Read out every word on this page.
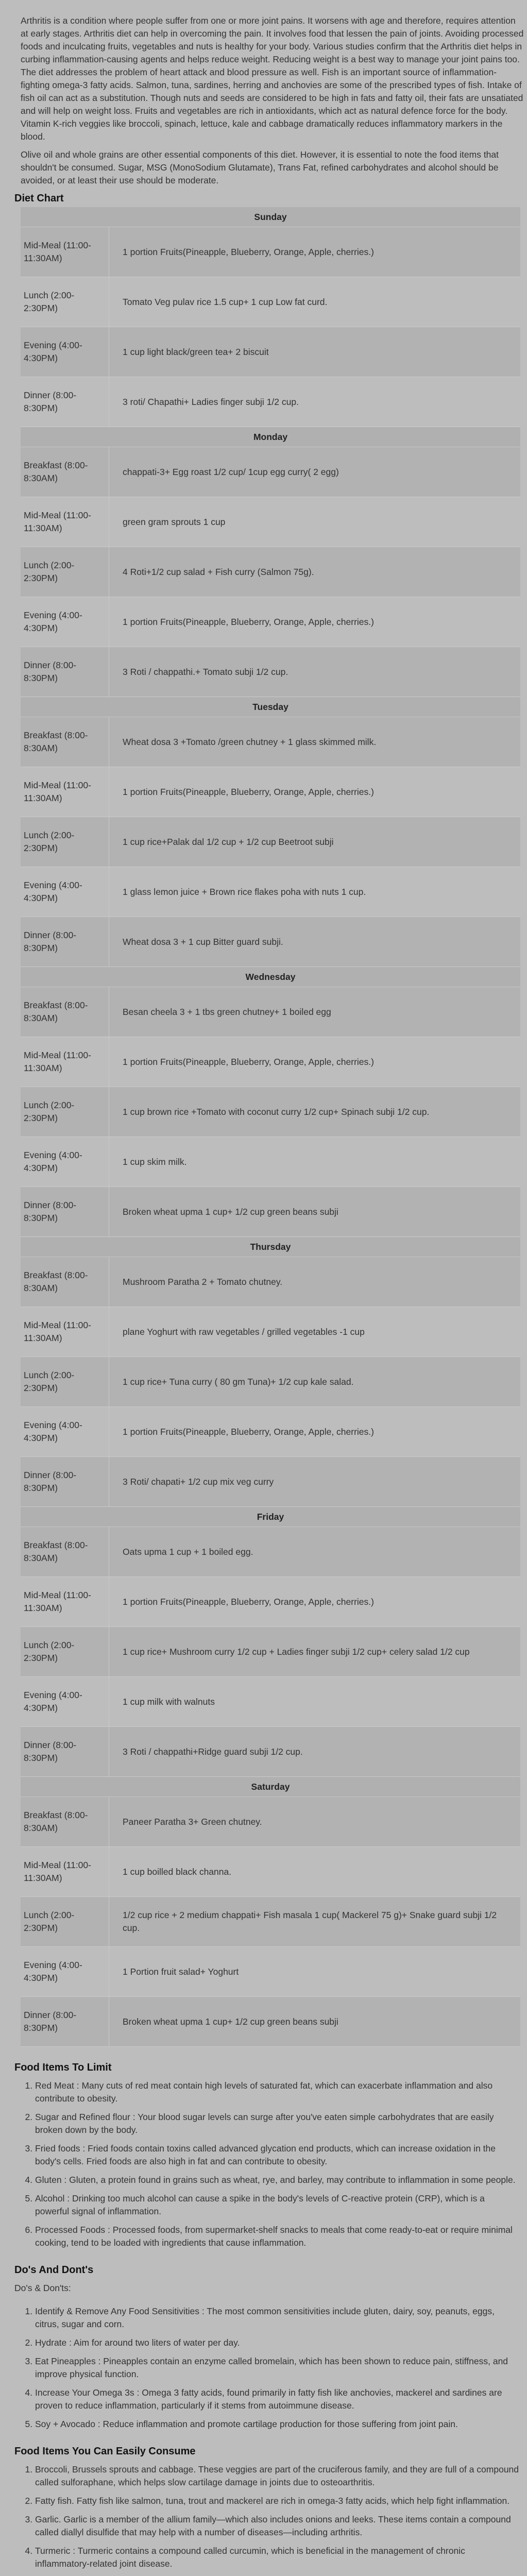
Arthritis is a condition where people suffer from one or more joint pains. It worsens with age and therefore, requires attention at early stages. Arthritis diet can help in overcoming the pain. It involves food that lessen the pain of joints. Avoiding processed foods and inculcating fruits, vegetables and nuts is healthy for your body. Various studies confirm that the Arthritis diet helps in curbing inflammation-causing agents and helps reduce weight. Reducing weight is a best way to manage your joint pains too. The diet addresses the problem of heart attack and blood pressure as well. Fish is an important source of inflammation-fighting omega-3 fatty acids. Salmon, tuna, sardines, herring and anchovies are some of the prescribed types of fish. Intake of fish oil can act as a substitution. Though nuts and seeds are considered to be high in fats and fatty oil, their fats are unsatiated and will help on weight loss. Fruits and vegetables are rich in antioxidants, which act as natural defence force for the body. Vitamin K-rich veggies like broccoli, spinach, lettuce, kale and cabbage dramatically reduces inflammatory markers in the blood.

Olive oil and whole grains are other essential components of this diet. However, it is essential to note the food items that shouldn't be consumed. Sugar, MSG (MonoSodium Glutamate), Trans Fat, refined carbohydrates and alcohol should be avoided, or at least their use should be moderate.

Diet Chart
Sunday
Mid-Meal (11:00-11:30AM)
1 portion Fruits(Pineapple, Blueberry, Orange, Apple, cherries.)
Lunch (2:00-2:30PM)
Tomato Veg pulav rice 1.5 cup+ 1 cup Low fat curd.
Evening (4:00-4:30PM)
1 cup light black/green tea+ 2 biscuit
Dinner (8:00-8:30PM)
3 roti/ Chapathi+ Ladies finger subji 1/2 cup.
Monday
Breakfast (8:00-8:30AM)
chappati-3+ Egg roast 1/2 cup/ 1cup egg curry( 2 egg)
Mid-Meal (11:00-11:30AM)
green gram sprouts 1 cup
Lunch (2:00-2:30PM)
4 Roti+1/2 cup salad + Fish curry (Salmon 75g).
Evening (4:00-4:30PM)
1 portion Fruits(Pineapple, Blueberry, Orange, Apple, cherries.)
Dinner (8:00-8:30PM)
3 Roti / chappathi.+ Tomato subji 1/2 cup.
Tuesday
Breakfast (8:00-8:30AM)
Wheat dosa 3 +Tomato /green chutney + 1 glass skimmed milk.
Mid-Meal (11:00-11:30AM)
1 portion Fruits(Pineapple, Blueberry, Orange, Apple, cherries.)
Lunch (2:00-2:30PM)
1 cup rice+Palak dal 1/2 cup + 1/2 cup Beetroot subji
Evening (4:00-4:30PM)
1 glass lemon juice + Brown rice flakes poha with nuts 1 cup.
Dinner (8:00-8:30PM)
Wheat dosa 3 + 1 cup Bitter guard subji.
Wednesday
Breakfast (8:00-8:30AM)
Besan cheela 3 + 1 tbs green chutney+ 1 boiled egg
Mid-Meal (11:00-11:30AM)
1 portion Fruits(Pineapple, Blueberry, Orange, Apple, cherries.)
Lunch (2:00-2:30PM)
1 cup brown rice +Tomato with coconut curry 1/2 cup+ Spinach subji 1/2 cup.
Evening (4:00-4:30PM)
1 cup skim milk.
Dinner (8:00-8:30PM)
Broken wheat upma 1 cup+ 1/2 cup green beans subji
Thursday
Breakfast (8:00-8:30AM)
Mushroom Paratha 2 + Tomato chutney.
Mid-Meal (11:00-11:30AM)
plane Yoghurt with raw vegetables / grilled vegetables -1 cup
Lunch (2:00-2:30PM)
1 cup rice+ Tuna curry ( 80 gm Tuna)+ 1/2 cup kale salad.
Evening (4:00-4:30PM)
1 portion Fruits(Pineapple, Blueberry, Orange, Apple, cherries.)
Dinner (8:00-8:30PM)
3 Roti/ chapati+ 1/2 cup mix veg curry
Friday
Breakfast (8:00-8:30AM)
Oats upma 1 cup + 1 boiled egg.
Mid-Meal (11:00-11:30AM)
1 portion Fruits(Pineapple, Blueberry, Orange, Apple, cherries.)
Lunch (2:00-2:30PM)
1 cup rice+ Mushroom curry 1/2 cup + Ladies finger subji 1/2 cup+ celery salad 1/2 cup
Evening (4:00-4:30PM)
1 cup milk with walnuts
Dinner (8:00-8:30PM)
3 Roti / chappathi+Ridge guard subji 1/2 cup.
Saturday
Breakfast (8:00-8:30AM)
Paneer Paratha 3+ Green chutney.
Mid-Meal (11:00-11:30AM)
1 cup boilled black channa.
Lunch (2:00-2:30PM)
1/2 cup rice + 2 medium chappati+ Fish masala 1 cup( Mackerel 75 g)+ Snake guard subji 1/2 cup.
Evening (4:00-4:30PM)
1 Portion fruit salad+ Yoghurt
Dinner (8:00-8:30PM)
Broken wheat upma 1 cup+ 1/2 cup green beans subji
Food Items To Limit
1. Red Meat : Many cuts of red meat contain high levels of saturated fat, which can exacerbate inflammation and also contribute to obesity.
2. Sugar and Refined flour : Your blood sugar levels can surge after you've eaten simple carbohydrates that are easily broken down by the body.
3. Fried foods : Fried foods contain toxins called advanced glycation end products, which can increase oxidation in the body's cells. Fried foods are also high in fat and can contribute to obesity.
4. Gluten : Gluten, a protein found in grains such as wheat, rye, and barley, may contribute to inflammation in some people.
5. Alcohol : Drinking too much alcohol can cause a spike in the body's levels of C-reactive protein (CRP), which is a powerful signal of inflammation.
6. Processed Foods : Processed foods, from supermarket-shelf snacks to meals that come ready-to-eat or require minimal cooking, tend to be loaded with ingredients that cause inflammation.
Do's And Dont's
Do's & Don'ts:
1. Identify & Remove Any Food Sensitivities : The most common sensitivities include gluten, dairy, soy, peanuts, eggs, citrus, sugar and corn.
2. Hydrate : Aim for around two liters of water per day.
3. Eat Pineapples : Pineapples contain an enzyme called bromelain, which has been shown to reduce pain, stiffness, and improve physical function.
4. Increase Your Omega 3s : Omega 3 fatty acids, found primarily in fatty fish like anchovies, mackerel and sardines are proven to reduce inflammation, particularly if it stems from autoimmune disease.
5. Soy + Avocado : Reduce inflammation and promote cartilage production for those suffering from joint pain.
Food Items You Can Easily Consume
1. Broccoli, Brussels sprouts and cabbage. These veggies are part of the cruciferous family, and they are full of a compound called sulforaphane, which helps slow cartilage damage in joints due to osteoarthritis.
2. Fatty fish. Fatty fish like salmon, tuna, trout and mackerel are rich in omega-3 fatty acids, which help fight inflammation.
3. Garlic. Garlic is a member of the allium family—which also includes onions and leeks. These items contain a compound called diallyl disulfide that may help with a number of diseases—including arthritis.
4. Turmeric : Turmeric contains a compound called curcumin, which is beneficial in the management of chronic inflammatory-related joint disease.
